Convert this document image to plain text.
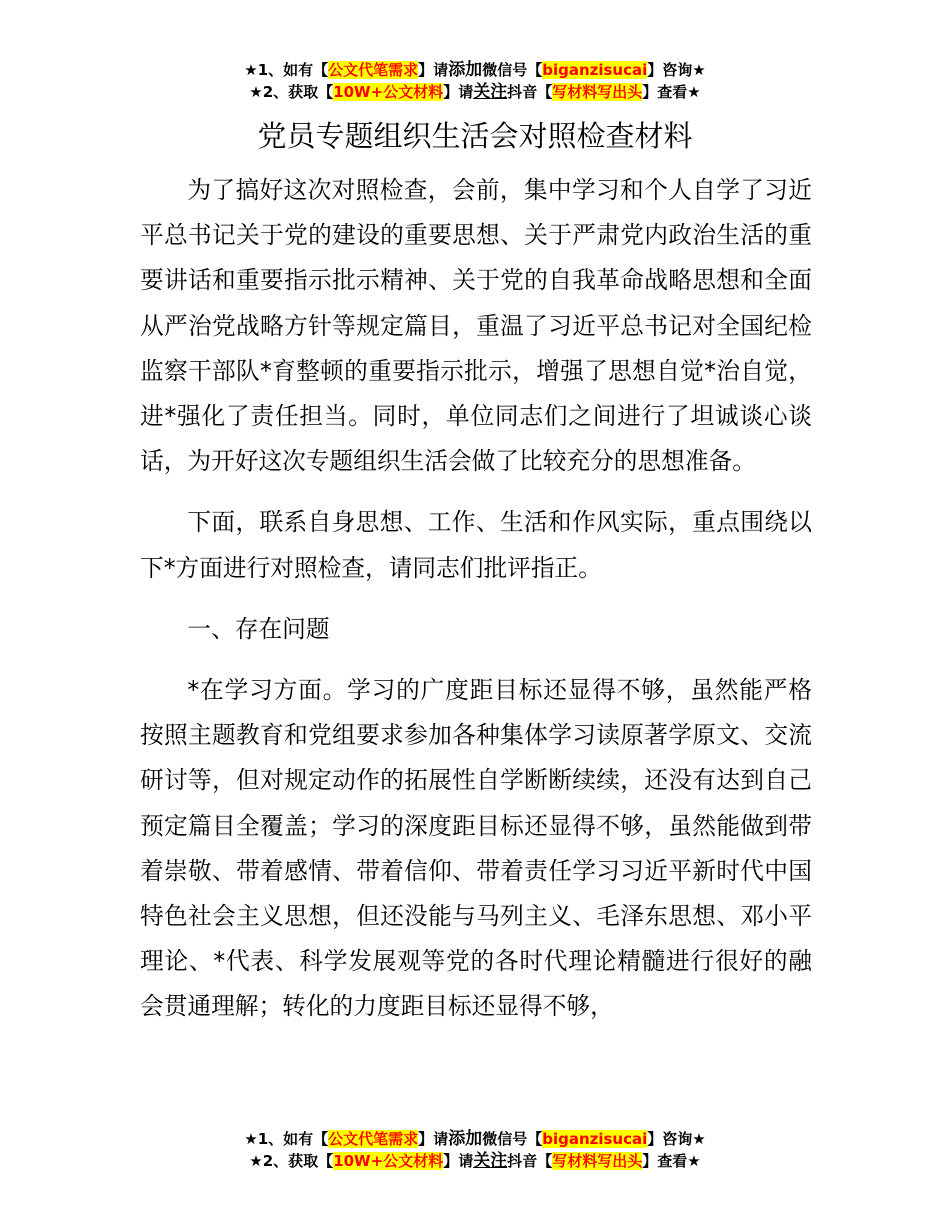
★1、如有【公文代笔需求】请添加微信号【biganzisucai】咨询★
★2、获取【10W+公文材料】请关注抖音【写材料写出头】查看★
党员专题组织生活会对照检查材料

为了搞好这次对照检查，会前，集中学习和个人自学了习近平总书记关于党的建设的重要思想、关于严肃党内政治生活的重要讲话和重要指示批示精神、关于党的自我革命战略思想和全面从严治党战略方针等规定篇目，重温了习近平总书记对全国纪检监察干部队*育整顿的重要指示批示，增强了思想自觉*治自觉，进*强化了责任担当。同时，单位同志们之间进行了坦诚谈心谈话，为开好这次专题组织生活会做了比较充分的思想准备。

下面，联系自身思想、工作、生活和作风实际，重点围绕以下*方面进行对照检查，请同志们批评指正。

一、存在问题

*在学习方面。学习的广度距目标还显得不够，虽然能严格按照主题教育和党组要求参加各种集体学习读原著学原文、交流研讨等，但对规定动作的拓展性自学断断续续，还没有达到自己预定篇目全覆盖；学习的深度距目标还显得不够，虽然能做到带着崇敬、带着感情、带着信仰、带着责任学习习近平新时代中国特色社会主义思想，但还没能与马列主义、毛泽东思想、邓小平理论、*代表、科学发展观等党的各时代理论精髓进行很好的融会贯通理解；转化的力度距目标还显得不够，

★1、如有【公文代笔需求】请添加微信号【biganzisucai】咨询★
★2、获取【10W+公文材料】请关注抖音【写材料写出头】查看★
